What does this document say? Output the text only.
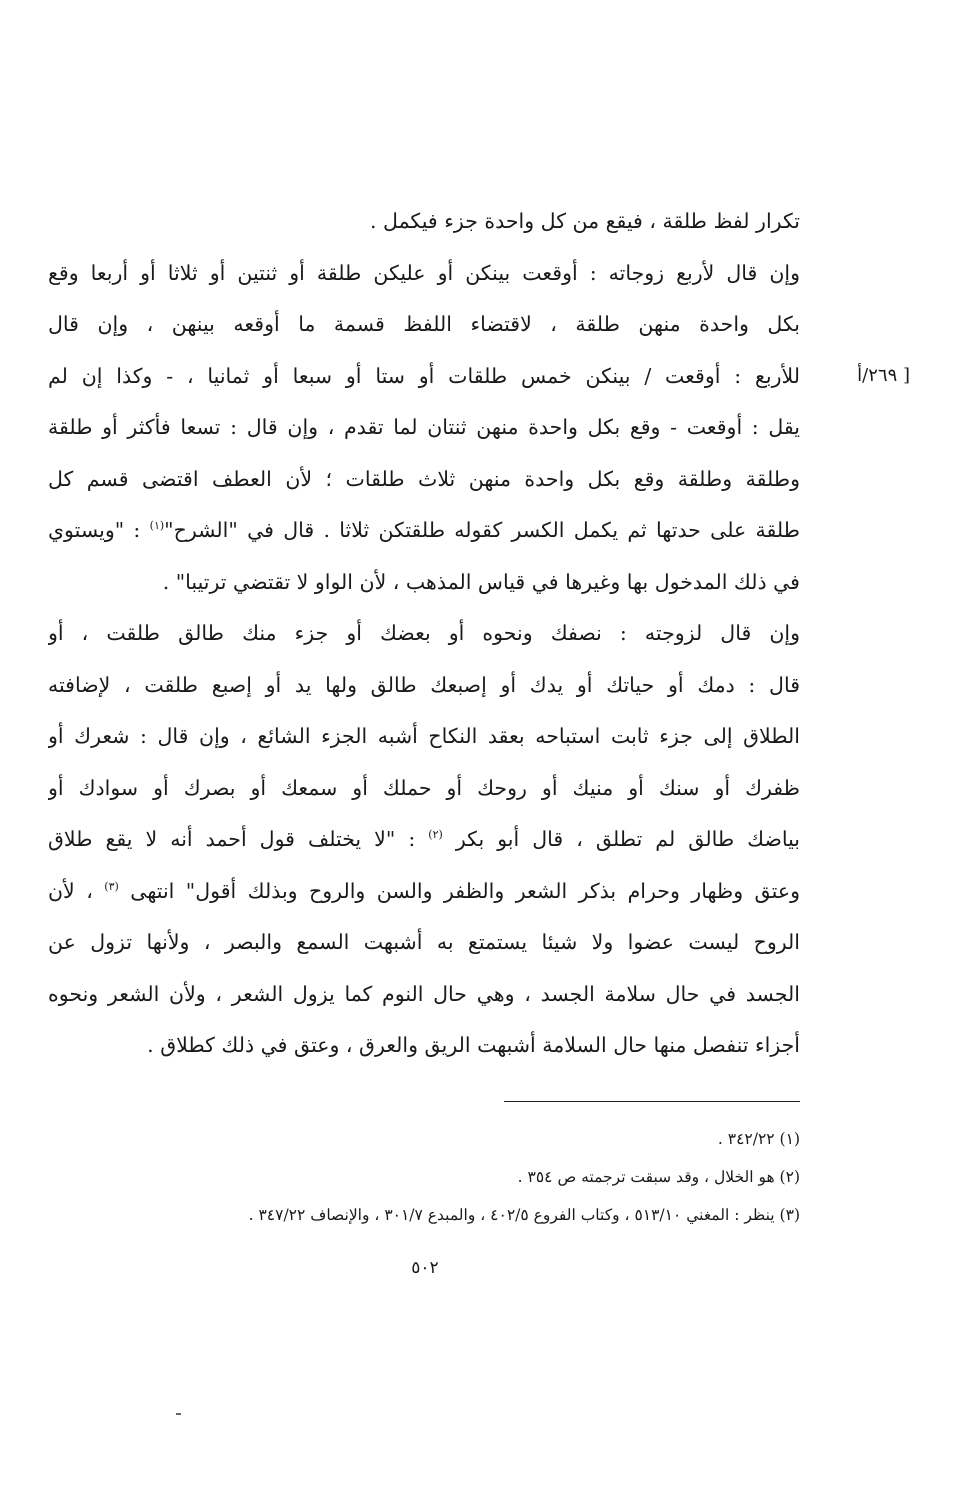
تكرار لفظ طلقة ، فيقع من كل واحدة جزء فيكمل .
وإن قال لأربع زوجاته : أوقعت بينكن أو عليكن طلقة أو ثنتين أو ثلاثا أو أربعا وقع
بكل واحدة منهن طلقة ، لاقتضاء اللفظ قسمة ما أوقعه بينهن ، وإن قال
للأربع : أوقعت / بينكن خمس طلقات أو ستا أو سبعا أو ثمانيا ، - وكذا إن لم
يقل : أوقعت - وقع بكل واحدة منهن ثنتان لما تقدم ، وإن قال : تسعا فأكثر أو طلقة
وطلقة وطلقة وقع بكل واحدة منهن ثلاث طلقات ؛ لأن العطف اقتضى قسم كل
طلقة على حدتها ثم يكمل الكسر كقوله طلقتكن ثلاثا . قال في "الشرح"$^{(١)}$ : "ويستوي
في ذلك المدخول بها وغيرها في قياس المذهب ، لأن الواو لا تقتضي ترتيبا" .
وإن قال لزوجته : نصفك ونحوه أو بعضك أو جزء منك طالق طلقت ، أو
قال : دمك أو حياتك أو يدك أو إصبعك طالق ولها يد أو إصبع طلقت ، لإضافته
الطلاق إلى جزء ثابت استباحه بعقد النكاح أشبه الجزء الشائع ، وإن قال : شعرك أو
ظفرك أو سنك أو منيك أو روحك أو حملك أو سمعك أو بصرك أو سوادك أو
بياضك طالق لم تطلق ، قال أبو بكر $^{(٢)}$ : "لا يختلف قول أحمد أنه لا يقع طلاق
وعتق وظهار وحرام بذكر الشعر والظفر والسن والروح وبذلك أقول" انتهى $^{(٣)}$ ، لأن
الروح ليست عضوا ولا شيئا يستمتع به أشبهت السمع والبصر ، ولأنها تزول عن
الجسد في حال سلامة الجسد ، وهي حال النوم كما يزول الشعر ، ولأن الشعر ونحوه
أجزاء تنفصل منها حال السلامة أشبهت الريق والعرق ، وعتق في ذلك كطلاق .
[ ٢٦٩/أ
(١) ٣٤٢/٢٢ .
(٢) هو الخلال ، وقد سبقت ترجمته ص ٣٥٤ .
(٣) ينظر : المغني ٥١٣/١٠ ، وكتاب الفروع ٤٠٢/٥ ، والمبدع ٣٠١/٧ ، والإنصاف ٣٤٧/٢٢ .
٥٠٢
